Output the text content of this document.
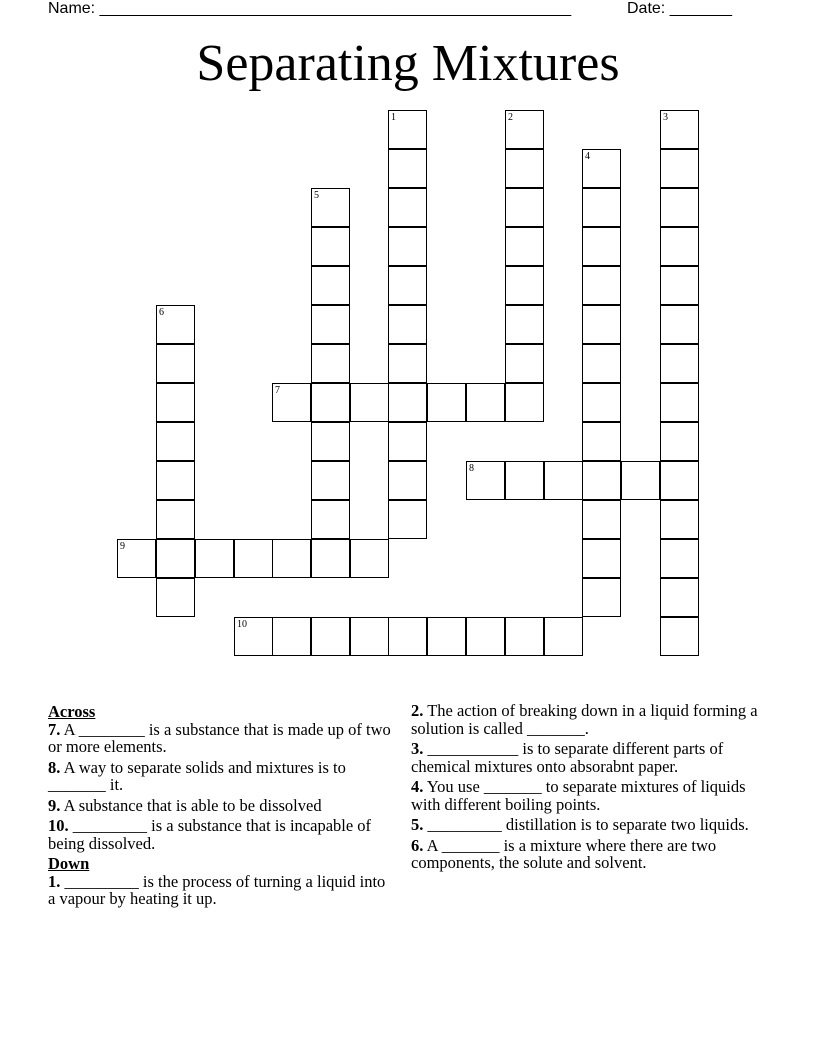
Name: _____________________________________________________	Date: _______
Separating Mixtures
1	2	3
4
5
6
7
8
9
10
Across
7. A ________ is a substance that is made up of two or more elements.
8. A way to separate solids and mixtures is to _______ it.
9. A substance that is able to be dissolved
10. _________ is a substance that is incapable of being dissolved.
Down
1. _________ is the process of turning a liquid into a vapour by heating it up.
2. The action of breaking down in a liquid forming a solution is called _______.
3. ___________ is to separate different parts of chemical mixtures onto absorabnt paper.
4. You use _______ to separate mixtures of liquids with different boiling points.
5. _________ distillation is to separate two liquids.
6. A _______ is a mixture where there are two components, the solute and solvent.
